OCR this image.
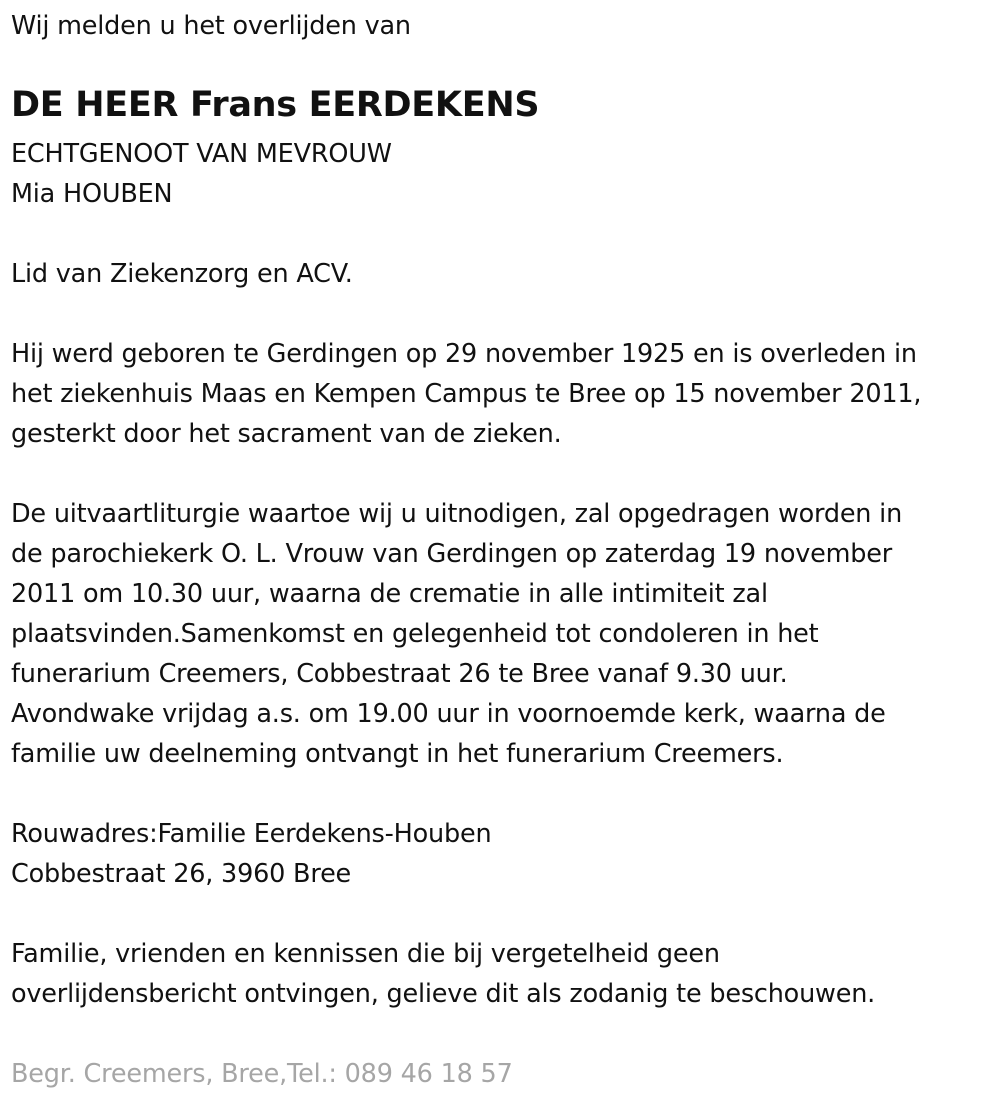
Wij melden u het overlijden van
DE HEER Frans EERDEKENS
ECHTGENOOT VAN MEVROUW
Mia HOUBEN
Lid van Ziekenzorg en ACV.
Hij werd geboren te Gerdingen op 29 november 1925 en is overleden in
het ziekenhuis Maas en Kempen Campus te Bree op 15 november 2011,
gesterkt door het sacrament van de zieken.
De uitvaartliturgie waartoe wij u uitnodigen, zal opgedragen worden in
de parochiekerk O. L. Vrouw van Gerdingen op zaterdag 19 november
2011 om 10.30 uur, waarna de crematie in alle intimiteit zal
plaatsvinden.Samenkomst en gelegenheid tot condoleren in het
funerarium Creemers, Cobbestraat 26 te Bree vanaf 9.30 uur.
Avondwake vrijdag a.s. om 19.00 uur in voornoemde kerk, waarna de
familie uw deelneming ontvangt in het funerarium Creemers.
Rouwadres:Familie Eerdekens-Houben
Cobbestraat 26, 3960 Bree
Familie, vrienden en kennissen die bij vergetelheid geen
overlijdensbericht ontvingen, gelieve dit als zodanig te beschouwen.
Begr. Creemers, Bree,Tel.: 089 46 18 57
